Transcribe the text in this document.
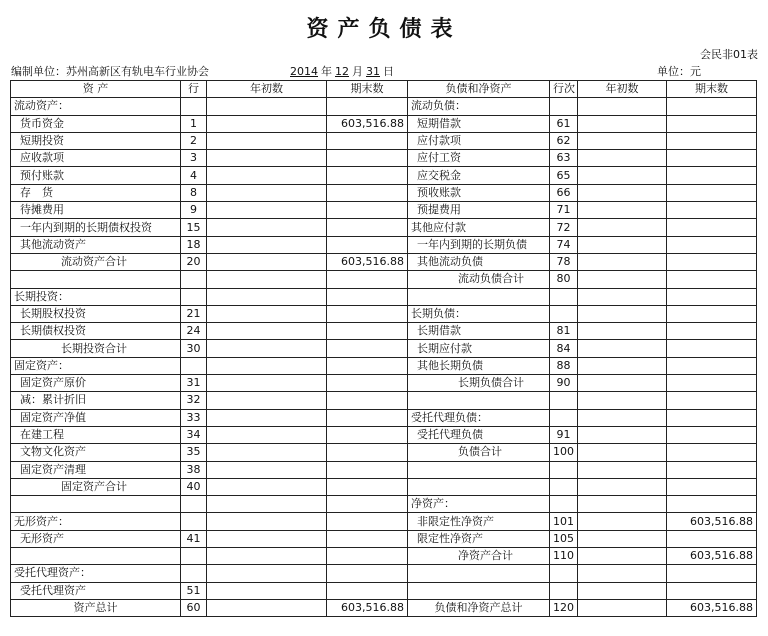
资产负债表
会民非01表
编制单位：苏州高新区有轨电车行业协会	2014 年 12 月 31 日	单位：元
资 产	行	年初数	期末数	负债和净资产	行次	年初数	期末数
流动资产：				流动负债：			
货币资金	1		603,516.88	短期借款	61		
短期投资	2			应付款项	62		
应收款项	3			应付工资	63		
预付账款	4			应交税金	65		
存　货	8			预收账款	66		
待摊费用	9			预提费用	71		
一年内到期的长期债权投资	15			其他应付款	72		
其他流动资产	18			一年内到期的长期负债	74		
流动资产合计	20		603,516.88	其他流动负债	78		
				流动负债合计	80		
长期投资：							
长期股权投资	21			长期负债：			
长期债权投资	24			长期借款	81		
长期投资合计	30			长期应付款	84		
固定资产：				其他长期负债	88		
固定资产原价	31			长期负债合计	90		
减：累计折旧	32						
固定资产净值	33			受托代理负债：			
在建工程	34			受托代理负债	91		
文物文化资产	35			负债合计	100		
固定资产清理	38						
固定资产合计	40						
				净资产：			
无形资产：				非限定性净资产	101		603,516.88
无形资产	41			限定性净资产	105		
				净资产合计	110		603,516.88
受托代理资产：							
受托代理资产	51						
资产总计	60		603,516.88	负债和净资产总计	120		603,516.88
